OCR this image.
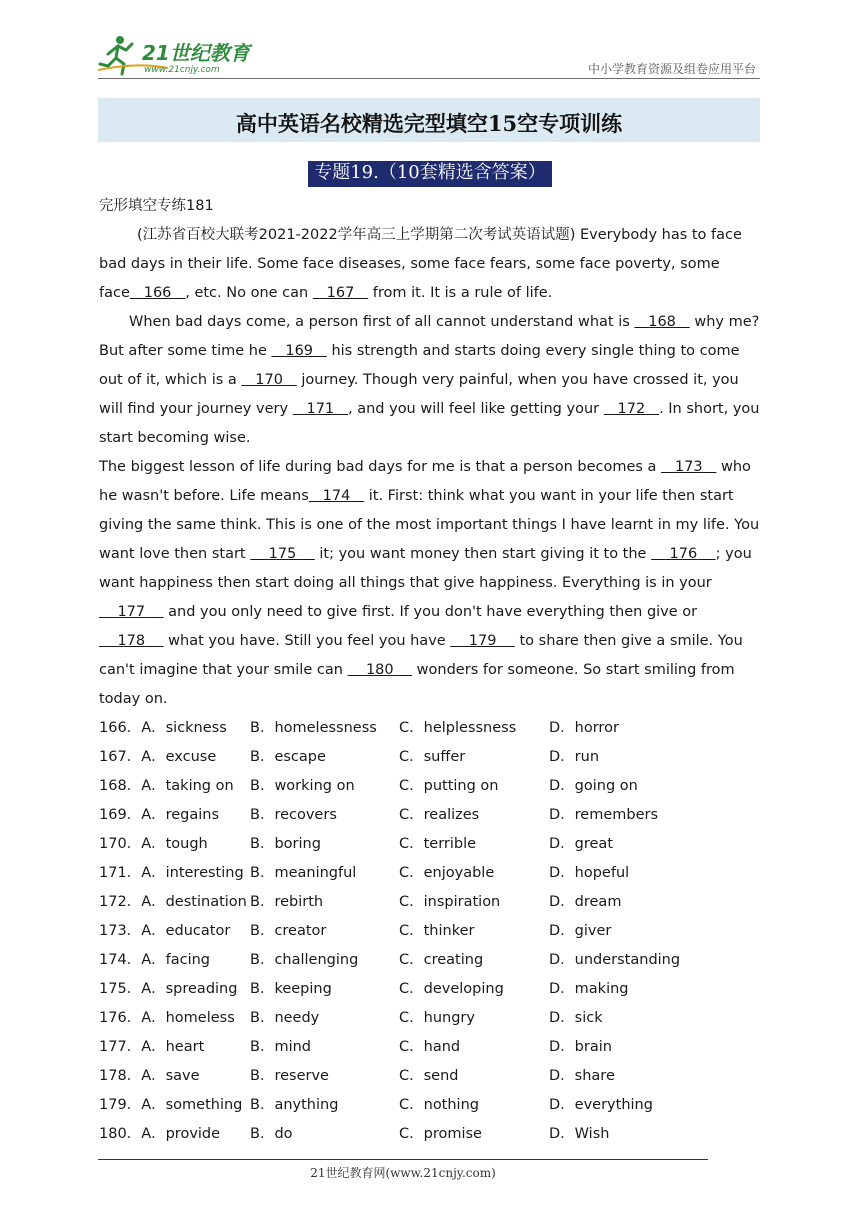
21世纪教育
www.21cnjy.com	中小学教育资源及组卷应用平台
高中英语名校精选完型填空15空专项训练
专题19.（10套精选含答案）

完形填空专练181

(江苏省百校大联考2021-2022学年高三上学期第二次考试英语试题) Everybody has to face bad days in their life. Some face diseases, some face fears, some face poverty, some face 166 , etc. No one can    167    from it. It is a rule of life.

When bad days come, a person first of all cannot understand what is    168    why me? But after some time he    169    his strength and starts doing every single thing to come out of it, which is a    170    journey. Though very painful, when you have crossed it, you will find your journey very    171 , and you will feel like getting your    172 . In short, you start becoming wise.

The biggest lesson of life during bad days for me is that a person becomes a    173    who he wasn't before. Life means 174    it. First: think what you want in your life then start giving the same think. This is one of the most important things I have learnt in my life. You want love then start     175     it; you want money then start giving it to the     176 ; you want happiness then start doing all things that give happiness. Everything is in your     177     and you only need to give first. If you don't have everything then give or     178     what you have. Still you feel you have     179     to share then give a smile. You can't imagine that your smile can     180     wonders for someone. So start smiling from today on.

166．A．sickness B．homelessness C．helplessness D．horror
167．A．excuse B．escape	C．suffer	D．run
168．A．taking on B．working on	C．putting on	D．going on
169．A．regains B．recovers	C．realizes	D．remembers
170．A．tough	B．boring	C．terrible	D．great
171．A．interesting B．meaningful	C．enjoyable	D．hopeful
172．A．destination B．rebirth	C．inspiration	D．dream
173．A．educator B．creator	C．thinker	D．giver
174．A．facing	B．challenging	C．creating	D．understanding
175．A．spreading B．keeping	C．developing	D．making
176．A．homeless B．needy	C．hungry	D．sick
177．A．heart	B．mind	C．hand	D．brain
178．A．save	B．reserve	C．send	D．share
179．A．something B．anything	C．nothing	D．everything
180．A．provide B．do	C．promise	D．Wish
21世纪教育网(www.21cnjy.com)
